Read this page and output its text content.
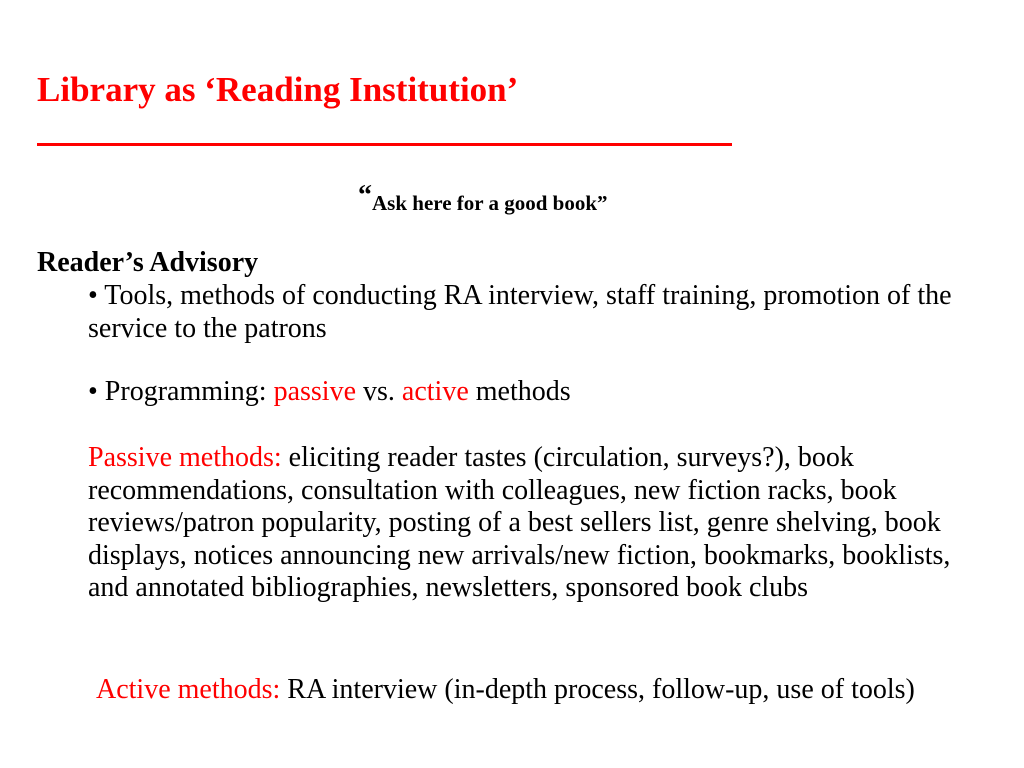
Library as ‘Reading Institution’
“Ask here for a good book”
Reader’s Advisory
• Tools, methods of conducting RA interview, staff training, promotion of the service to the patrons
• Programming: passive vs. active methods
Passive methods: eliciting reader tastes (circulation, surveys?), book recommendations, consultation with colleagues, new fiction racks, book reviews/patron popularity, posting of a best sellers list, genre shelving, book displays, notices announcing new arrivals/new fiction, bookmarks, booklists, and annotated bibliographies, newsletters, sponsored book clubs
Active methods: RA interview (in-depth process, follow-up, use of tools)
